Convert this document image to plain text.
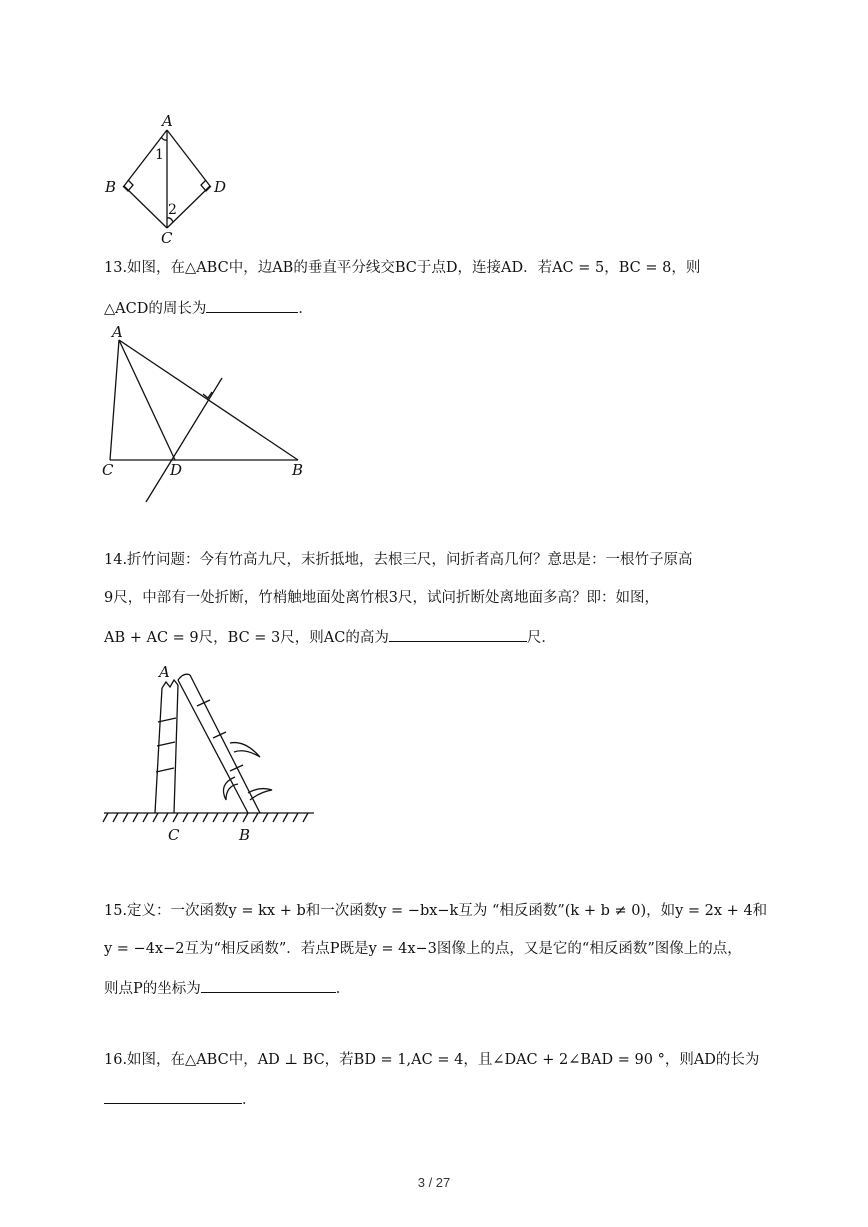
A
B
C
D
1
2
13.如图，在△ABC中，边AB的垂直平分线交BC于点D，连接AD．若AC = 5，BC = 8，则
△ACD的周长为	．
A
C	D	B
14.折竹问题：今有竹高九尺，末折抵地，去根三尺，问折者高几何？意思是：一根竹子原高
9尺，中部有一处折断，竹梢触地面处离竹根3尺，试问折断处离地面多高？即：如图，
AB + AC = 9尺，BC = 3尺，则AC的高为	尺．
A
C	B
15.定义：一次函数y = kx + b和一次函数y = −bx−k互为 “相反函数”(k + b ≠ 0)，如y = 2x + 4和
y = −4x−2互为“相反函数”．若点P既是y = 4x−3图像上的点，又是它的“相反函数”图像上的点，
则点P的坐标为	．
16.如图，在△ABC中，AD ⊥ BC，若BD = 1,AC = 4，且∠DAC + 2∠BAD = 90 °，则AD的长为
．
3 / 27
